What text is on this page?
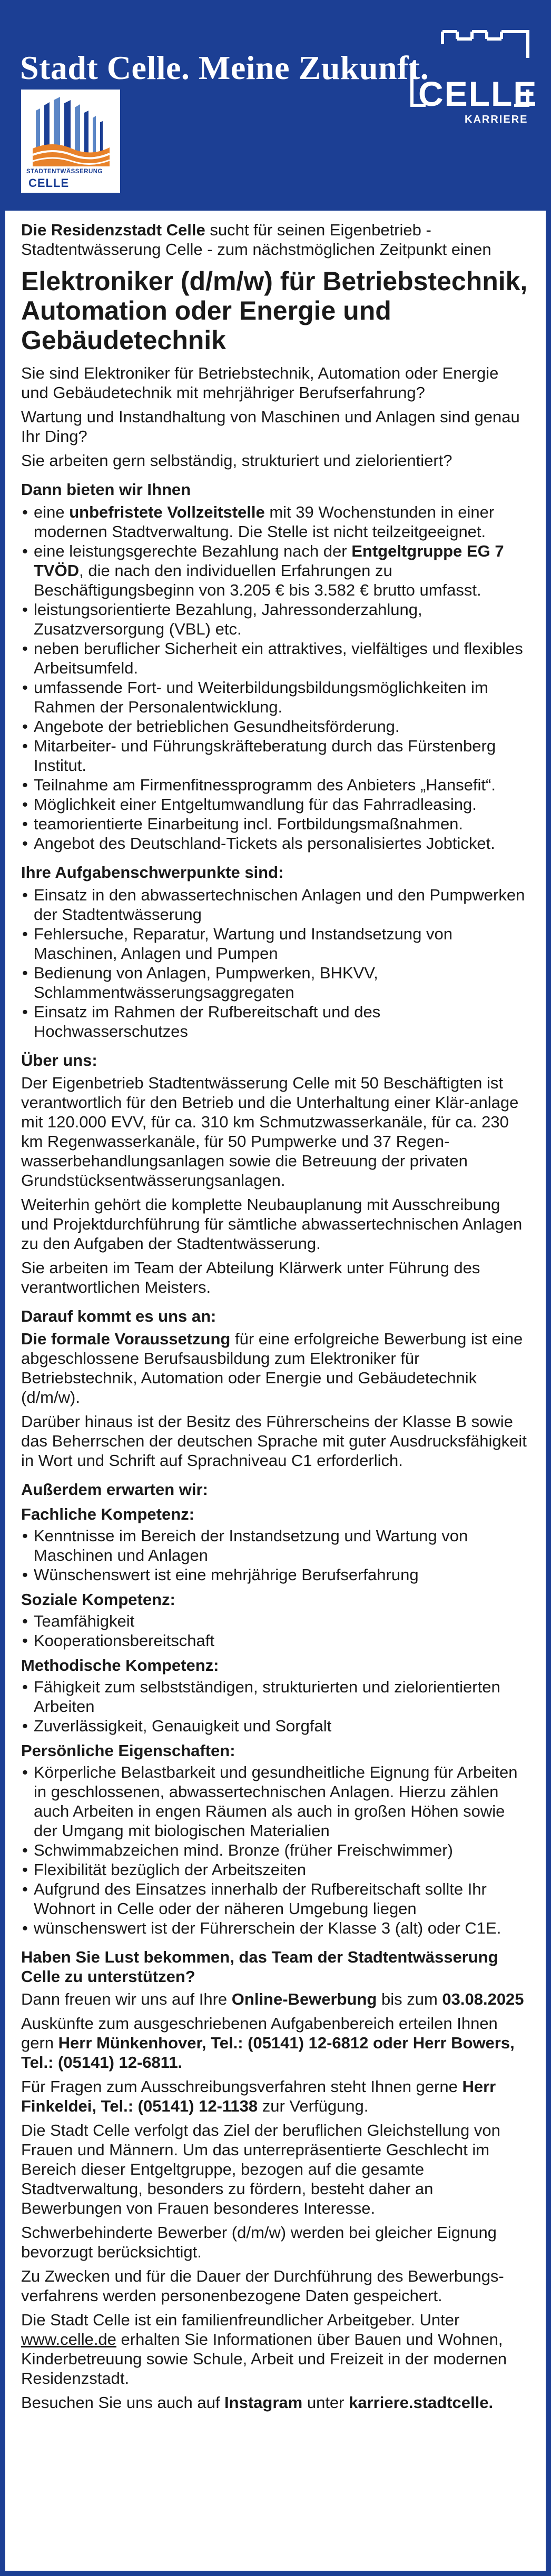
Stadt Celle. Meine Zukunft.
STADTENTWÄSSERUNG
CELLE
CELLE
KARRIERE

Die Residenzstadt Celle sucht für seinen Eigenbetrieb - Stadtentwässerung Celle - zum nächstmöglichen Zeitpunkt einen

Elektroniker (d/m/w) für Betriebstechnik, Automation oder Energie und Gebäudetechnik

Sie sind Elektroniker für Betriebstechnik, Automation oder Energie und Gebäudetechnik mit mehrjähriger Berufserfahrung?

Wartung und Instandhaltung von Maschinen und Anlagen sind genau Ihr Ding?

Sie arbeiten gern selbständig, strukturiert und zielorientiert?

Dann bieten wir Ihnen
• eine unbefristete Vollzeitstelle mit 39 Wochenstunden in einer modernen Stadtverwaltung. Die Stelle ist nicht teilzeitgeeignet.
• eine leistungsgerechte Bezahlung nach der Entgeltgruppe EG 7 TVÖD, die nach den individuellen Erfahrungen zu Beschäftigungsbeginn von 3.205 € bis 3.582 € brutto umfasst.
• leistungsorientierte Bezahlung, Jahressonderzahlung, Zusatzversorgung (VBL) etc.
• neben beruflicher Sicherheit ein attraktives, vielfältiges und flexibles Arbeitsumfeld.
• umfassende Fort- und Weiterbildungsbildungsmöglichkeiten im Rahmen der Personalentwicklung.
• Angebote der betrieblichen Gesundheitsförderung.
• Mitarbeiter- und Führungskräfteberatung durch das Fürstenberg Institut.
• Teilnahme am Firmenfitnessprogramm des Anbieters „Hansefit“.
• Möglichkeit einer Entgeltumwandlung für das Fahrradleasing.
• teamorientierte Einarbeitung incl. Fortbildungsmaßnahmen.
• Angebot des Deutschland-Tickets als personalisiertes Jobticket.
Ihre Aufgabenschwerpunkte sind:
• Einsatz in den abwassertechnischen Anlagen und den Pumpwerken der Stadtentwässerung
• Fehlersuche, Reparatur, Wartung und Instandsetzung von Maschinen, Anlagen und Pumpen
• Bedienung von Anlagen, Pumpwerken, BHKVV, Schlammentwässerungsaggregaten
• Einsatz im Rahmen der Rufbereitschaft und des Hochwasserschutzes
Über uns:

Der Eigenbetrieb Stadtentwässerung Celle mit 50 Beschäftigten ist verantwortlich für den Betrieb und die Unterhaltung einer Klär-anlage mit 120.000 EVV, für ca. 310 km Schmutzwasserkanäle, für ca. 230 km Regenwasserkanäle, für 50 Pumpwerke und 37 Regen-wasserbehandlungsanlagen sowie die Betreuung der privaten Grundstücksentwässerungsanlagen.

Weiterhin gehört die komplette Neubauplanung mit Ausschreibung und Projektdurchführung für sämtliche abwassertechnischen Anlagen zu den Aufgaben der Stadtentwässerung.

Sie arbeiten im Team der Abteilung Klärwerk unter Führung des verantwortlichen Meisters.

Darauf kommt es uns an:

Die formale Voraussetzung für eine erfolgreiche Bewerbung ist eine abgeschlossene Berufsausbildung zum Elektroniker für Betriebstechnik, Automation oder Energie und Gebäudetechnik (d/m/w).

Darüber hinaus ist der Besitz des Führerscheins der Klasse B sowie das Beherrschen der deutschen Sprache mit guter Ausdrucksfähigkeit in Wort und Schrift auf Sprachniveau C1 erforderlich.

Außerdem erwarten wir:
Fachliche Kompetenz:
• Kenntnisse im Bereich der Instandsetzung und Wartung von Maschinen und Anlagen
• Wünschenswert ist eine mehrjährige Berufserfahrung
Soziale Kompetenz:
• Teamfähigkeit
• Kooperationsbereitschaft
Methodische Kompetenz:
• Fähigkeit zum selbstständigen, strukturierten und zielorientierten Arbeiten
• Zuverlässigkeit, Genauigkeit und Sorgfalt
Persönliche Eigenschaften:
• Körperliche Belastbarkeit und gesundheitliche Eignung für Arbeiten in geschlossenen, abwassertechnischen Anlagen. Hierzu zählen auch Arbeiten in engen Räumen als auch in großen Höhen sowie der Umgang mit biologischen Materialien
• Schwimmabzeichen mind. Bronze (früher Freischwimmer)
• Flexibilität bezüglich der Arbeitszeiten
• Aufgrund des Einsatzes innerhalb der Rufbereitschaft sollte Ihr Wohnort in Celle oder der näheren Umgebung liegen
• wünschenswert ist der Führerschein der Klasse 3 (alt) oder C1E.
Haben Sie Lust bekommen, das Team der Stadtentwässerung Celle zu unterstützen?

Dann freuen wir uns auf Ihre Online-Bewerbung bis zum 03.08.2025

Auskünfte zum ausgeschriebenen Aufgabenbereich erteilen Ihnen gern Herr Münkenhover, Tel.: (05141) 12-6812 oder Herr Bowers, Tel.: (05141) 12-6811.

Für Fragen zum Ausschreibungsverfahren steht Ihnen gerne Herr Finkeldei, Tel.: (05141) 12-1138 zur Verfügung.

Die Stadt Celle verfolgt das Ziel der beruflichen Gleichstellung von Frauen und Männern. Um das unterrepräsentierte Geschlecht im Bereich dieser Entgeltgruppe, bezogen auf die gesamte Stadtverwaltung, besonders zu fördern, besteht daher an Bewerbungen von Frauen besonderes Interesse.

Schwerbehinderte Bewerber (d/m/w) werden bei gleicher Eignung bevorzugt berücksichtigt.

Zu Zwecken und für die Dauer der Durchführung des Bewerbungs-verfahrens werden personenbezogene Daten gespeichert.

Die Stadt Celle ist ein familienfreundlicher Arbeitgeber. Unter www.celle.de erhalten Sie Informationen über Bauen und Wohnen, Kinderbetreuung sowie Schule, Arbeit und Freizeit in der modernen Residenzstadt.

Besuchen Sie uns auch auf Instagram unter karriere.stadtcelle.
